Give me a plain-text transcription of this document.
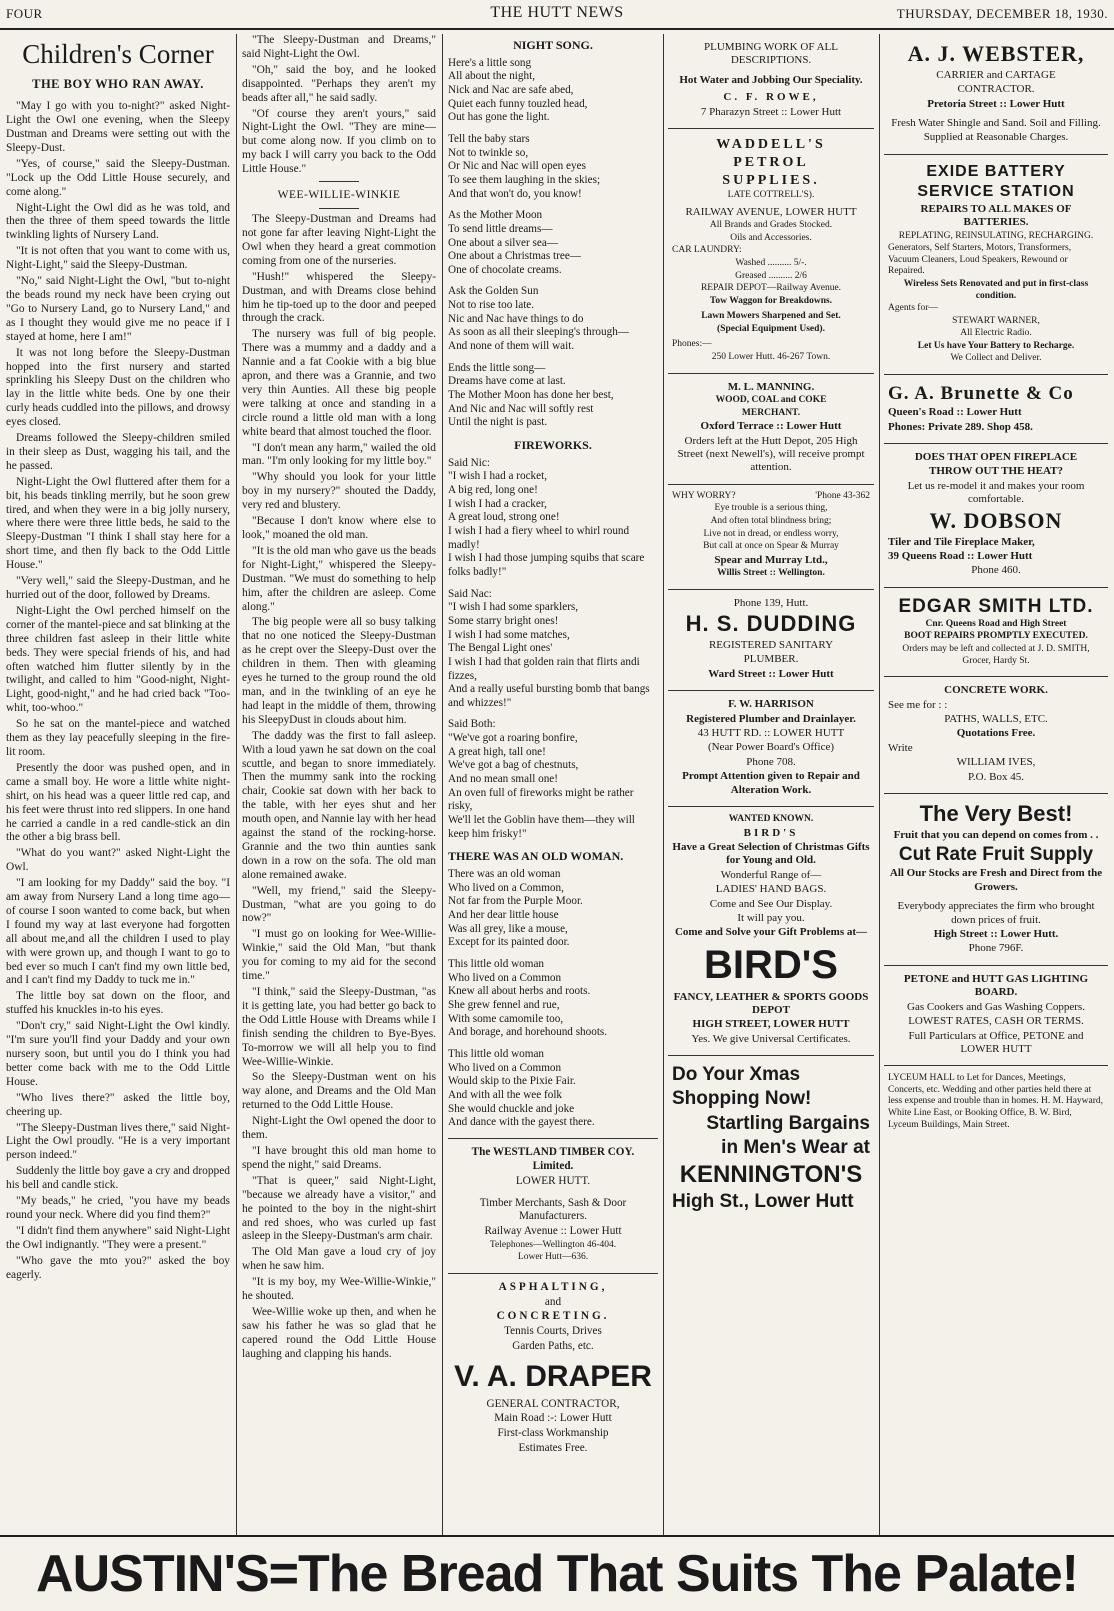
FOUR	THE HUTT NEWS	THURSDAY, DECEMBER 18, 1930.
Children's Corner
THE BOY WHO RAN AWAY.

"May I go with you to-night?" asked Night-Light the Owl one evening, when the Sleepy Dustman and Dreams were setting out with the Sleepy-Dust.

"Yes, of course," said the Sleepy-Dustman. "Lock up the Odd Little House securely, and come along."

Night-Light the Owl did as he was told, and then the three of them speed towards the little twinkling lights of Nursery Land.

"It is not often that you want to come with us, Night-Light," said the Sleepy-Dustman.

"No," said Night-Light the Owl, "but to-night the beads round my neck have been crying out "Go to Nursery Land, go to Nursery Land," and as I thought they would give me no peace if I stayed at home, here I am!"

It was not long before the Sleepy-Dustman hopped into the first nursery and started sprinkling his Sleepy Dust on the children who lay in the little white beds. One by one their curly heads cuddled into the pillows, and drowsy eyes closed.

Dreams followed the Sleepy-children smiled in their sleep as Dust, wagging his tail, and the he passed.

Night-Light the Owl fluttered after them for a bit, his beads tinkling merrily, but he soon grew tired, and when they were in a big jolly nursery, where there were three little beds, he said to the Sleepy-Dustman "I think I shall stay here for a short time, and then fly back to the Odd Little House."

"Very well," said the Sleepy-Dustman, and he hurried out of the door, followed by Dreams.

Night-Light the Owl perched himself on the corner of the mantel-piece and sat blinking at the three children fast asleep in their little white beds. They were special friends of his, and had often watched him flutter silently by in the twilight, and called to him "Good-night, Night-Light, good-night," and he had cried back "Too-whit, too-whoo."

So he sat on the mantel-piece and watched them as they lay peacefully sleeping in the fire-lit room.

Presently the door was pushed open, and in came a small boy. He wore a little white night-shirt, on his head was a queer little red cap, and his feet were thrust into red slippers. In one hand he carried a candle in a red candle-stick an din the other a big brass bell.

"What do you want?" asked Night-Light the Owl.

"I am looking for my Daddy" said the boy. "I am away from Nursery Land a long time ago—of course I soon wanted to come back, but when I found my way at last everyone had forgotten all about me,and all the children I used to play with were grown up, and though I want to go to bed ever so much I can't find my own little bed, and I can't find my Daddy to tuck me in."

The little boy sat down on the floor, and stuffed his knuckles in-to his eyes.

"Don't cry," said Night-Light the Owl kindly. "I'm sure you'll find your Daddy and your own nursery soon, but until you do I think you had better come back with me to the Odd Little House.

"Who lives there?" asked the little boy, cheering up.

"The Sleepy-Dustman lives there," said Night-Light the Owl proudly. "He is a very important person indeed."

Suddenly the little boy gave a cry and dropped his bell and candle stick.

"My beads," he cried, "you have my beads round your neck. Where did you find them?"

"I didn't find them anywhere" said Night-Light the Owl indignantly. "They were a present."

"Who gave the mto you?" asked the boy eagerly.

"The Sleepy-Dustman and Dreams," said Night-Light the Owl.

"Oh," said the boy, and he looked disappointed. "Perhaps they aren't my beads after all," he said sadly.

"Of course they aren't yours," said Night-Light the Owl. "They are mine—but come along now. If you climb on to my back I will carry you back to the Odd Little House."

WEE-WILLIE-WINKIE

The Sleepy-Dustman and Dreams had not gone far after leaving Night-Light the Owl when they heard a great commotion coming from one of the nurseries.

"Hush!" whispered the Sleepy-Dustman, and with Dreams close behind him he tip-toed up to the door and peeped through the crack.

The nursery was full of big people. There was a mummy and a daddy and a Nannie and a fat Cookie with a big blue apron, and there was a Grannie, and two very thin Aunties. All these big people were talking at once and standing in a circle round a little old man with a long white beard that almost touched the floor.

"I don't mean any harm," wailed the old man. "I'm only looking for my little boy."

"Why should you look for your little boy in my nursery?" shouted the Daddy, very red and blustery.

"Because I don't know where else to look," moaned the old man.

"It is the old man who gave us the beads for Night-Light," whispered the Sleepy-Dustman. "We must do something to help him, after the children are asleep. Come along."

The big people were all so busy talking that no one noticed the Sleepy-Dustman as he crept over the Sleepy-Dust over the children in them. Then with gleaming eyes he turned to the group round the old man, and in the twinkling of an eye he had leapt in the middle of them, throwing his SleepyDust in clouds about him.

The daddy was the first to fall asleep. With a loud yawn he sat down on the coal scuttle, and began to snore immediately. Then the mummy sank into the rocking chair, Cookie sat down with her back to the table, with her eyes shut and her mouth open, and Nannie lay with her head against the stand of the rocking-horse. Grannie and the two thin aunties sank down in a row on the sofa. The old man alone remained awake.

"Well, my friend," said the Sleepy-Dustman, "what are you going to do now?"

"I must go on looking for Wee-Willie-Winkie," said the Old Man, "but thank you for coming to my aid for the second time."

"I think," said the Sleepy-Dustman, "as it is getting late, you had better go back to the Odd Little House with Dreams while I finish sending the children to Bye-Byes. To-morrow we will all help you to find Wee-Willie-Winkie.

So the Sleepy-Dustman went on his way alone, and Dreams and the Old Man returned to the Odd Little House.

Night-Light the Owl opened the door to them.

"I have brought this old man home to spend the night," said Dreams.

"That is queer," said Night-Light, "because we already have a visitor," and he pointed to the boy in the night-shirt and red shoes, who was curled up fast asleep in the Sleepy-Dustman's arm chair.

The Old Man gave a loud cry of joy when he saw him.

"It is my boy, my Wee-Willie-Winkie," he shouted.

Wee-Willie woke up then, and when he saw his father he was so glad that he capered round the Odd Little House laughing and clapping his hands.

NIGHT SONG.
Here's a little song
All about the night,
Nick and Nac are safe abed,
Quiet each funny touzled head,
Out has gone the light.
Tell the baby stars
Not to twinkle so,
Or Nic and Nac will open eyes
To see them laughing in the skies;
And that won't do, you know!
As the Mother Moon
To send little dreams—
One about a silver sea—
One about a Christmas tree—
One of chocolate creams.
Ask the Golden Sun
Not to rise too late.
Nic and Nac have things to do
As soon as all their sleeping's through—
And none of them will wait.
Ends the little song—
Dreams have come at last.
The Mother Moon has done her best,
And Nic and Nac will softly rest
Until the night is past.
FIREWORKS.
Said Nic:
"I wish I had a rocket,
A big red, long one!
I wish I had a cracker,
A great loud, strong one!
I wish I had a fiery wheel to whirl round madly!
I wish I had those jumping squibs that scare folks badly!"
Said Nac:
"I wish I had some sparklers,
Some starry bright ones!
I wish I had some matches,
The Bengal Light ones'
I wish I had that golden rain that flirts andi fizzes,
And a really useful bursting bomb that bangs and whizzes!"
Said Both:
"We've got a roaring bonfire,
A great high, tall one!
We've got a bag of chestnuts,
And no mean small one!
An oven full of fireworks might be rather risky,
We'll let the Goblin have them—they will keep him frisky!"
THERE WAS AN OLD WOMAN.
There was an old woman
Who lived on a Common,
Not far from the Purple Moor.
And her dear little house
Was all grey, like a mouse,
Except for its painted door.
This little old woman
Who lived on a Common
Knew all about herbs and roots.
She grew fennel and rue,
With some camomile too,
And borage, and horehound shoots.
This little old woman
Who lived on a Common
Would skip to the Pixie Fair.
And with all the wee folk
She would chuckle and joke
And dance with the gayest there.
The WESTLAND TIMBER COY.
Limited.
LOWER HUTT.
Timber Merchants, Sash & Door Manufacturers.
Railway Avenue :: Lower Hutt
Telephones—Wellington 46-404.
Lower Hutt—636.
ASPHALTING,
and
CONCRETING.
Tennis Courts, Drives
Garden Paths, etc.
V. A. DRAPER
GENERAL CONTRACTOR,
Main Road :-: Lower Hutt
First-class Workmanship
Estimates Free.
PLUMBING WORK OF ALL DESCRIPTIONS.
Hot Water and Jobbing Our Speciality.
C. F. ROWE,
7 Pharazyn Street :: Lower Hutt
WADDELL'S
PETROL
SUPPLIES.
LATE COTTRELL'S).
RAILWAY AVENUE, LOWER HUTT
All Brands and Grades Stocked.
Oils and Accessories.
CAR LAUNDRY:
Washed .......... 5/-.
Greased .......... 2/6
REPAIR DEPOT—Railway Avenue.
Tow Waggon for Breakdowns.
Lawn Mowers Sharpened and Set.
(Special Equipment Used).
Phones:—
250 Lower Hutt. 46-267 Town.
M. L. MANNING.
WOOD, COAL and COKE
MERCHANT.
Oxford Terrace :: Lower Hutt
Orders left at the Hutt Depot, 205 High Street (next Newell's), will receive prompt attention.
WHY WORRY?	'Phone 43-362
Eye trouble is a serious thing,
And often total blindness bring;
Live not in dread, or endless worry,
But call at once on Spear & Murray
Spear and Murray Ltd.,
Willis Street :: Wellington.
Phone 139, Hutt.
H. S. DUDDING
REGISTERED SANITARY
PLUMBER.
Ward Street :: Lower Hutt
F. W. HARRISON
Registered Plumber and Drainlayer.
43 HUTT RD. :: LOWER HUTT
(Near Power Board's Office)
Phone 708.
Prompt Attention given to Repair and Alteration Work.
WANTED KNOWN.
BIRD'S
Have a Great Selection of Christmas Gifts for Young and Old.
Wonderful Range of—
LADIES' HAND BAGS.
Come and See Our Display.
It will pay you.
Come and Solve your Gift Problems at—
BIRD'S
FANCY, LEATHER & SPORTS GOODS DEPOT
HIGH STREET, LOWER HUTT
Yes. We give Universal Certificates.
Do Your Xmas
Shopping Now!
Startling Bargains
in Men's Wear at
KENNINGTON'S
High St., Lower Hutt
A. J. WEBSTER,
CARRIER and CARTAGE
CONTRACTOR.
Pretoria Street :: Lower Hutt
Fresh Water Shingle and Sand. Soil and Filling.
Supplied at Reasonable Charges.
EXIDE BATTERY
SERVICE STATION
REPAIRS TO ALL MAKES OF BATTERIES.
REPLATING, REINSULATING, RECHARGING.
Generators, Self Starters, Motors, Transformers, Vacuum Cleaners, Loud Speakers, Rewound or Repaired.
Wireless Sets Renovated and put in first-class condition.
Agents for—
STEWART WARNER,
All Electric Radio.
Let Us have Your Battery to Recharge.
We Collect and Deliver.
G. A. Brunette & Co
Queen's Road :: Lower Hutt
Phones: Private 289. Shop 458.
DOES THAT OPEN FIREPLACE
THROW OUT THE HEAT?
Let us re-model it and makes your room comfortable.
W. DOBSON
Tiler and Tile Fireplace Maker,
39 Queens Road :: Lower Hutt
Phone 460.
EDGAR SMITH LTD.
Cnr. Queens Road and High Street
BOOT REPAIRS PROMPTLY EXECUTED.
Orders may be left and collected at J. D. SMITH, Grocer, Hardy St.
CONCRETE WORK.
See me for : :
PATHS, WALLS, ETC.
Quotations Free.
Write
WILLIAM IVES,
P.O. Box 45.
The Very Best!
Fruit that you can depend on comes from . .
Cut Rate Fruit Supply
All Our Stocks are Fresh and Direct from the Growers.
Everybody appreciates the firm who brought down prices of fruit.
High Street :: Lower Hutt.
Phone 796F.
PETONE and HUTT GAS LIGHTING BOARD.
Gas Cookers and Gas Washing Coppers.
LOWEST RATES, CASH OR TERMS.
Full Particulars at Office, PETONE and LOWER HUTT
LYCEUM HALL to Let for Dances, Meetings, Concerts, etc. Wedding and other parties held there at less expense and trouble than in homes. H. M. Hayward, White Line East, or Booking Office, B. W. Bird, Lyceum Buildings, Main Street.
AUSTIN'S=The Bread That Suits The Palate!
